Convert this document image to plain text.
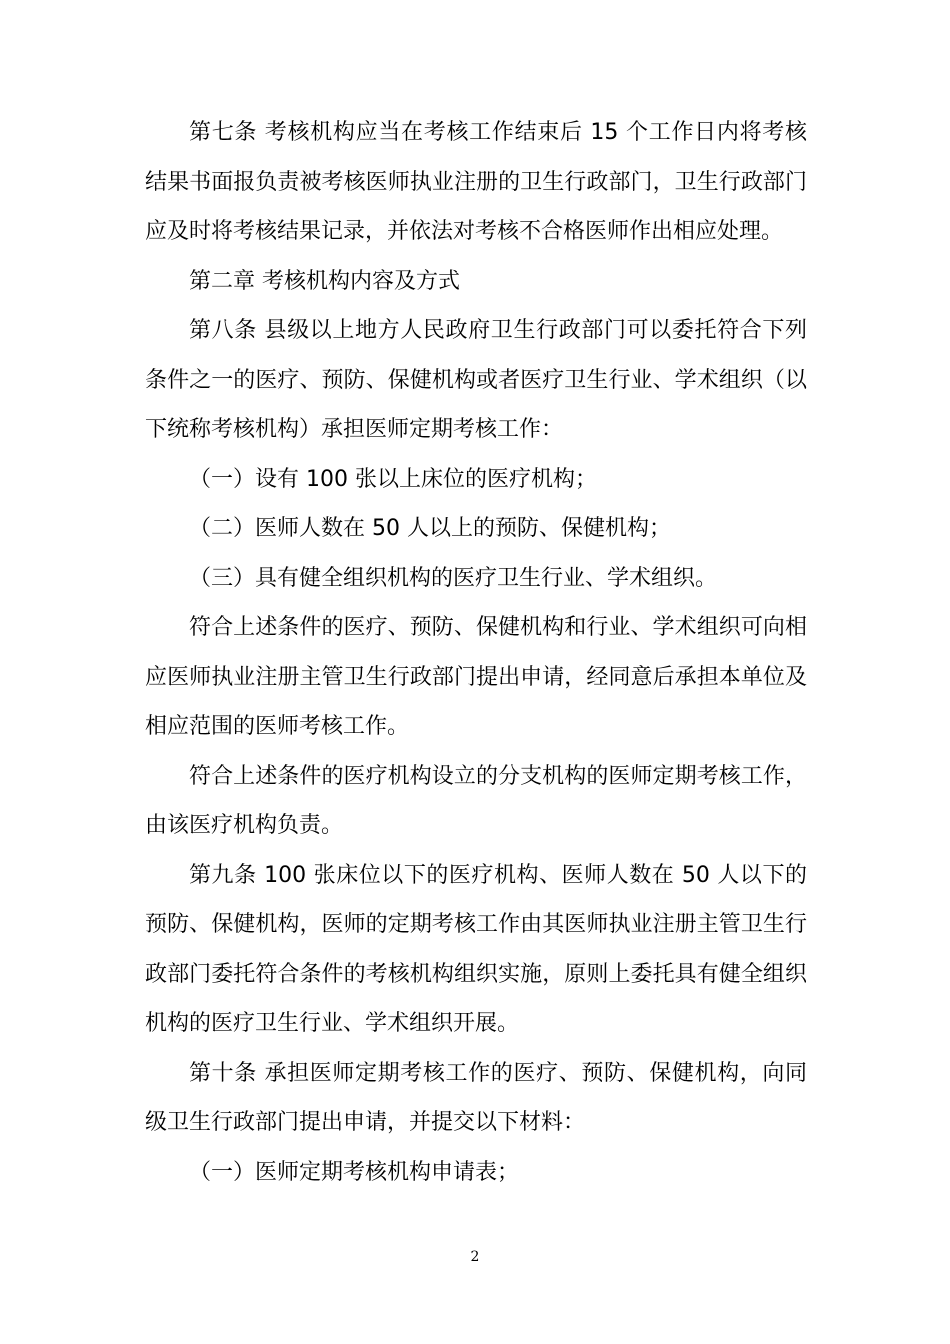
第七条 考核机构应当在考核工作结束后 15 个工作日内将考核结果书面报负责被考核医师执业注册的卫生行政部门，卫生行政部门应及时将考核结果记录，并依法对考核不合格医师作出相应处理。

第二章 考核机构内容及方式

第八条 县级以上地方人民政府卫生行政部门可以委托符合下列条件之一的医疗、预防、保健机构或者医疗卫生行业、学术组织（以下统称考核机构）承担医师定期考核工作：

（一）设有 100 张以上床位的医疗机构；

（二）医师人数在 50 人以上的预防、保健机构；

（三）具有健全组织机构的医疗卫生行业、学术组织。

符合上述条件的医疗、预防、保健机构和行业、学术组织可向相应医师执业注册主管卫生行政部门提出申请，经同意后承担本单位及相应范围的医师考核工作。

符合上述条件的医疗机构设立的分支机构的医师定期考核工作，由该医疗机构负责。

第九条 100 张床位以下的医疗机构、医师人数在 50 人以下的预防、保健机构，医师的定期考核工作由其医师执业注册主管卫生行政部门委托符合条件的考核机构组织实施，原则上委托具有健全组织机构的医疗卫生行业、学术组织开展。

第十条 承担医师定期考核工作的医疗、预防、保健机构，向同级卫生行政部门提出申请，并提交以下材料：

（一）医师定期考核机构申请表；

2
